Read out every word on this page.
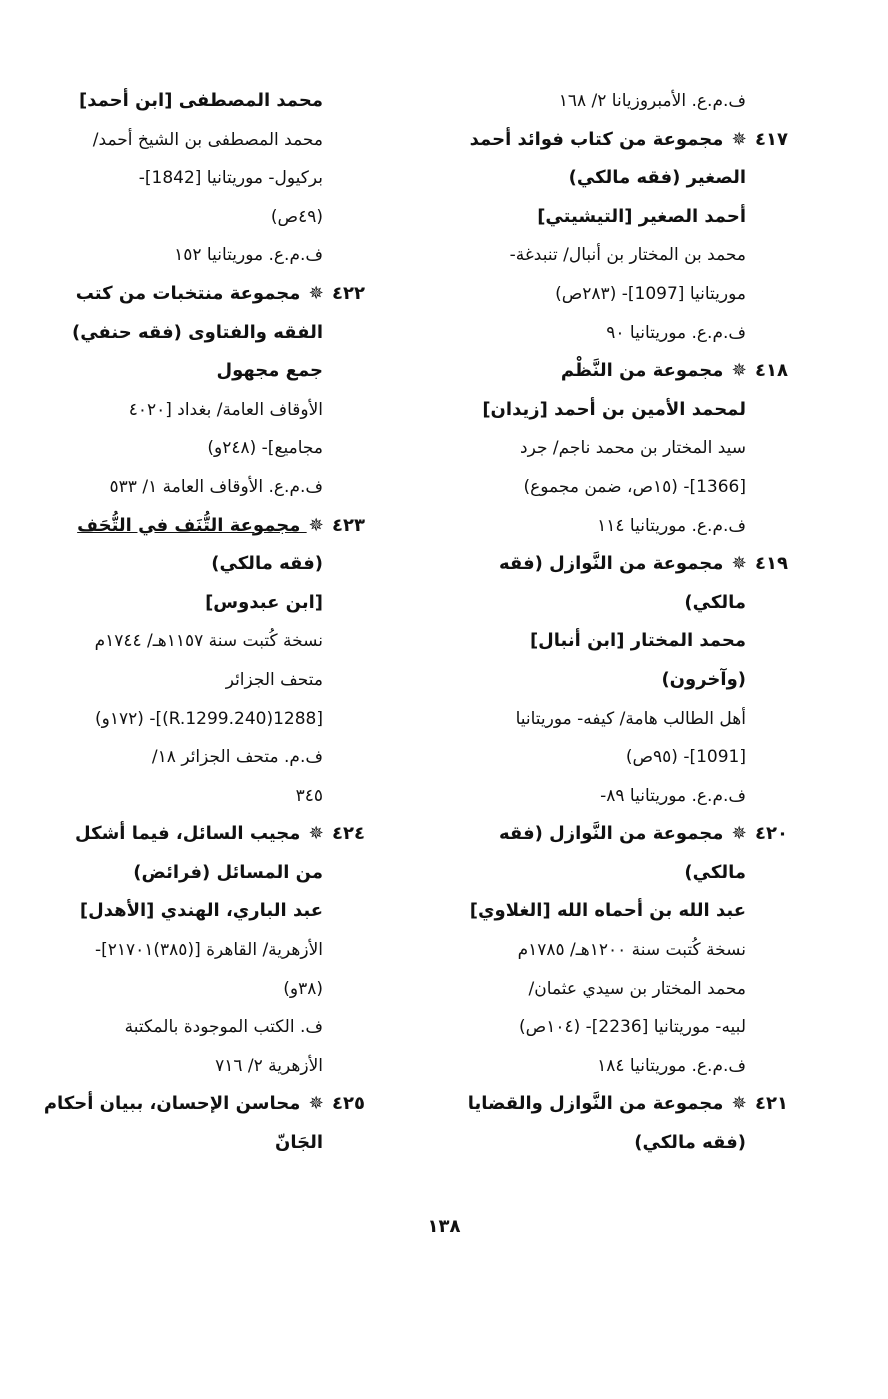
ف.م.ع. الأمبروزيانا ٢/ ١٦٨
٤١٧ ✵ مجموعة من كتاب فوائد أحمد
الصغير (فقه مالكي)
أحمد الصغير [التيشيتي]
محمد بن المختار بن أنبال/ تنبدغة-
موريتانيا [1097]- (٢٨٣ص)
ف.م.ع. موريتانيا ٩٠
٤١٨ ✵ مجموعة من النَّظْم
لمحمد الأمين بن أحمد [زيدان]
سيد المختار بن محمد ناجم/ جرد
[1366]- (١٥ص، ضمن مجموع)
ف.م.ع. موريتانيا ١١٤
٤١٩ ✵ مجموعة من النَّوازل (فقه
مالكي)
محمد المختار [ابن أنبال]
(وآخرون)
أهل الطالب هامة/ كيفه- موريتانيا
[1091]- (٩٥ص)
ف.م.ع. موريتانيا ٨٩-
٤٢٠ ✵ مجموعة من النَّوازل (فقه
مالكي)
عبد الله بن أحماه الله [الغلاوي]
نسخة كُتبت سنة ١٢٠٠هـ/ ١٧٨٥م
محمد المختار بن سيدي عثمان/
لبيه- موريتانيا [2236]- (١٠٤ص)
ف.م.ع. موريتانيا ١٨٤
٤٢١ ✵ مجموعة من النَّوازل والقضايا
(فقه مالكي)
محمد المصطفى [ابن أحمد]
محمد المصطفى بن الشيخ أحمد/
بركيول- موريتانيا [1842]-
(٤٩ص)
ف.م.ع. موريتانيا ١٥٢
٤٢٢ ✵ مجموعة منتخبات من كتب
الفقه والفتاوى (فقه حنفي)
جمع مجهول
الأوقاف العامة/ بغداد [٤٠٢٠
مجاميع]- (٢٤٨و)
ف.م.ع. الأوقاف العامة ١/ ٥٣٣
٤٢٣ ✵ مجموعة التُّنَف في التُّحَف
(فقه مالكي)
[ابن عبدوس]
نسخة كُتبت سنة ١١٥٧هـ/ ١٧٤٤م
متحف الجزائر
[1288(240.R.1299)]- (١٧٢و)
ف.م. متحف الجزائر ١٨/
٣٤٥
٤٢٤ ✵ مجيب السائل، فيما أشكل
من المسائل (فرائض)
عبد الباري، الهندي [الأهدل]
الأزهرية/ القاهرة [(٣٨٥)٢١٧٠١]-
(٣٨و)
ف. الكتب الموجودة بالمكتبة
الأزهرية ٢/ ٧١٦
٤٢٥ ✵ محاسن الإحسان، ببيان أحكام
الجَانّ
١٣٨
